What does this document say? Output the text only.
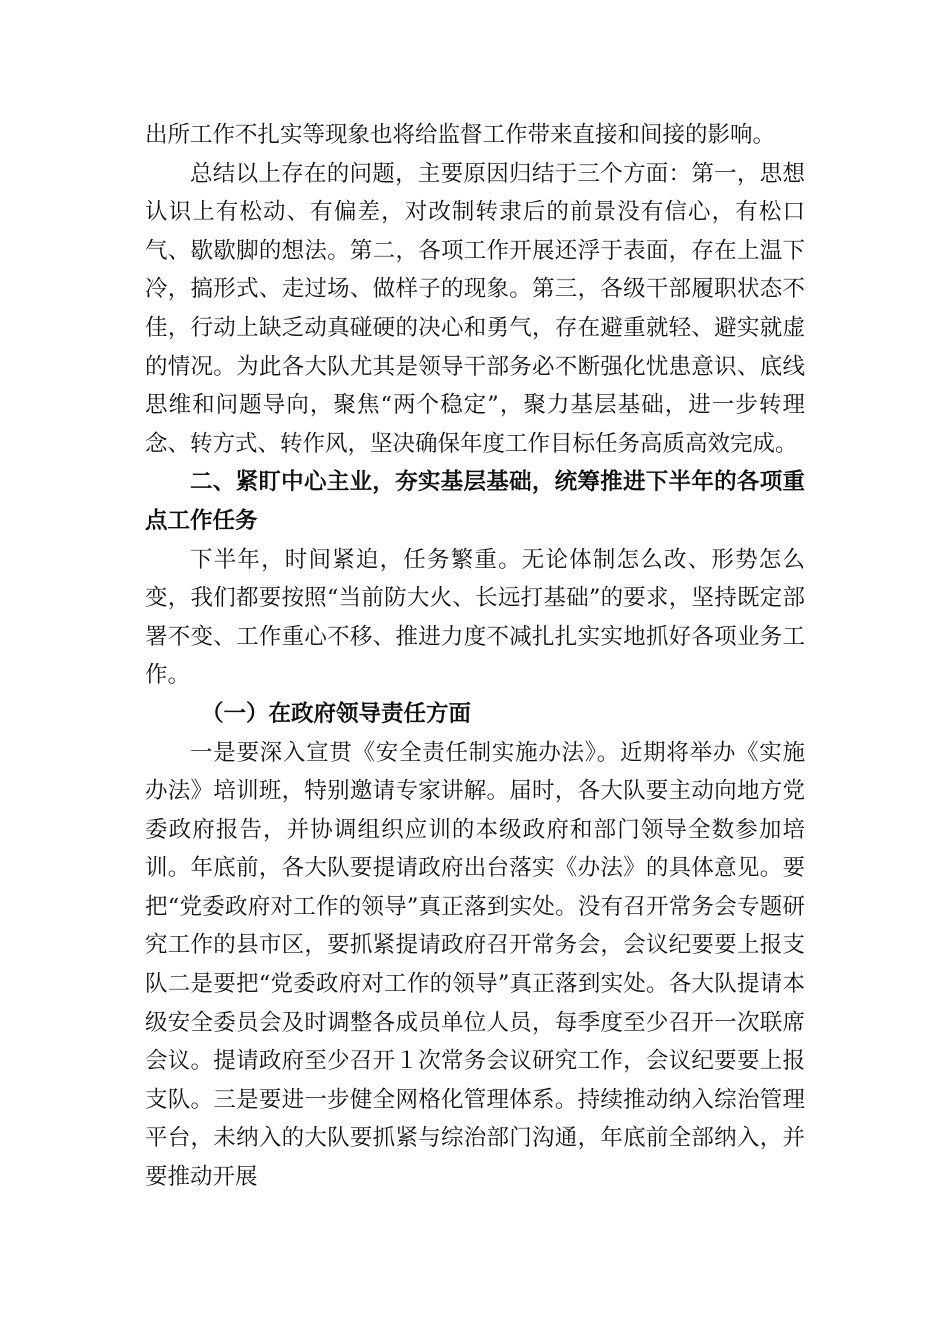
出所工作不扎实等现象也将给监督工作带来直接和间接的影响。

总结以上存在的问题，主要原因归结于三个方面：第一，思想认识上有松动、有偏差，对改制转隶后的前景没有信心，有松口气、歇歇脚的想法。第二，各项工作开展还浮于表面，存在上温下冷，搞形式、走过场、做样子的现象。第三，各级干部履职状态不佳，行动上缺乏动真碰硬的决心和勇气，存在避重就轻、避实就虚的情况。为此各大队尤其是领导干部务必不断强化忧患意识、底线思维和问题导向，聚焦“两个稳定”，聚力基层基础，进一步转理念、转方式、转作风，坚决确保年度工作目标任务高质高效完成。

二、紧盯中心主业，夯实基层基础，统筹推进下半年的各项重点工作任务

下半年，时间紧迫，任务繁重。无论体制怎么改、形势怎么变，我们都要按照“当前防大火、长远打基础”的要求，坚持既定部署不变、工作重心不移、推进力度不减扎扎实实地抓好各项业务工作。

（一）在政府领导责任方面

一是要深入宣贯《安全责任制实施办法》。近期将举办《实施办法》培训班，特别邀请专家讲解。届时，各大队要主动向地方党委政府报告，并协调组织应训的本级政府和部门领导全数参加培训。年底前，各大队要提请政府出台落实《办法》的具体意见。要把“党委政府对工作的领导”真正落到实处。没有召开常务会专题研究工作的县市区，要抓紧提请政府召开常务会，会议纪要要上报支队二是要把“党委政府对工作的领导”真正落到实处。各大队提请本级安全委员会及时调整各成员单位人员，每季度至少召开一次联席会议。提请政府至少召开１次常务会议研究工作，会议纪要要上报支队。三是要进一步健全网格化管理体系。持续推动纳入综治管理平台，未纳入的大队要抓紧与综治部门沟通，年底前全部纳入，并要推动开展
